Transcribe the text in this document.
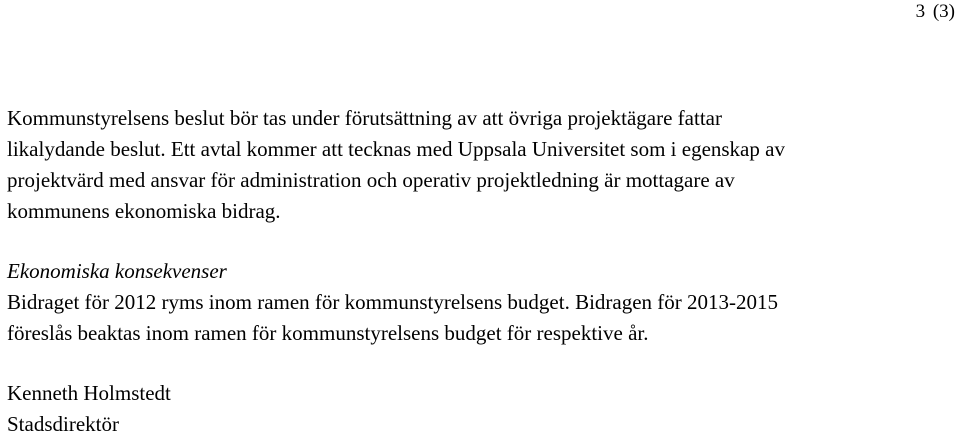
3 (3)

Kommunstyrelsens beslut bör tas under förutsättning av att övriga projektägare fattar
likalydande beslut. Ett avtal kommer att tecknas med Uppsala Universitet som i egenskap av
projektvärd med ansvar för administration och operativ projektledning är mottagare av
kommunens ekonomiska bidrag.

Ekonomiska konsekvenser

Bidraget för 2012 ryms inom ramen för kommunstyrelsens budget. Bidragen för 2013-2015
föreslås beaktas inom ramen för kommunstyrelsens budget för respektive år.
Kenneth Holmstedt
Stadsdirektör
